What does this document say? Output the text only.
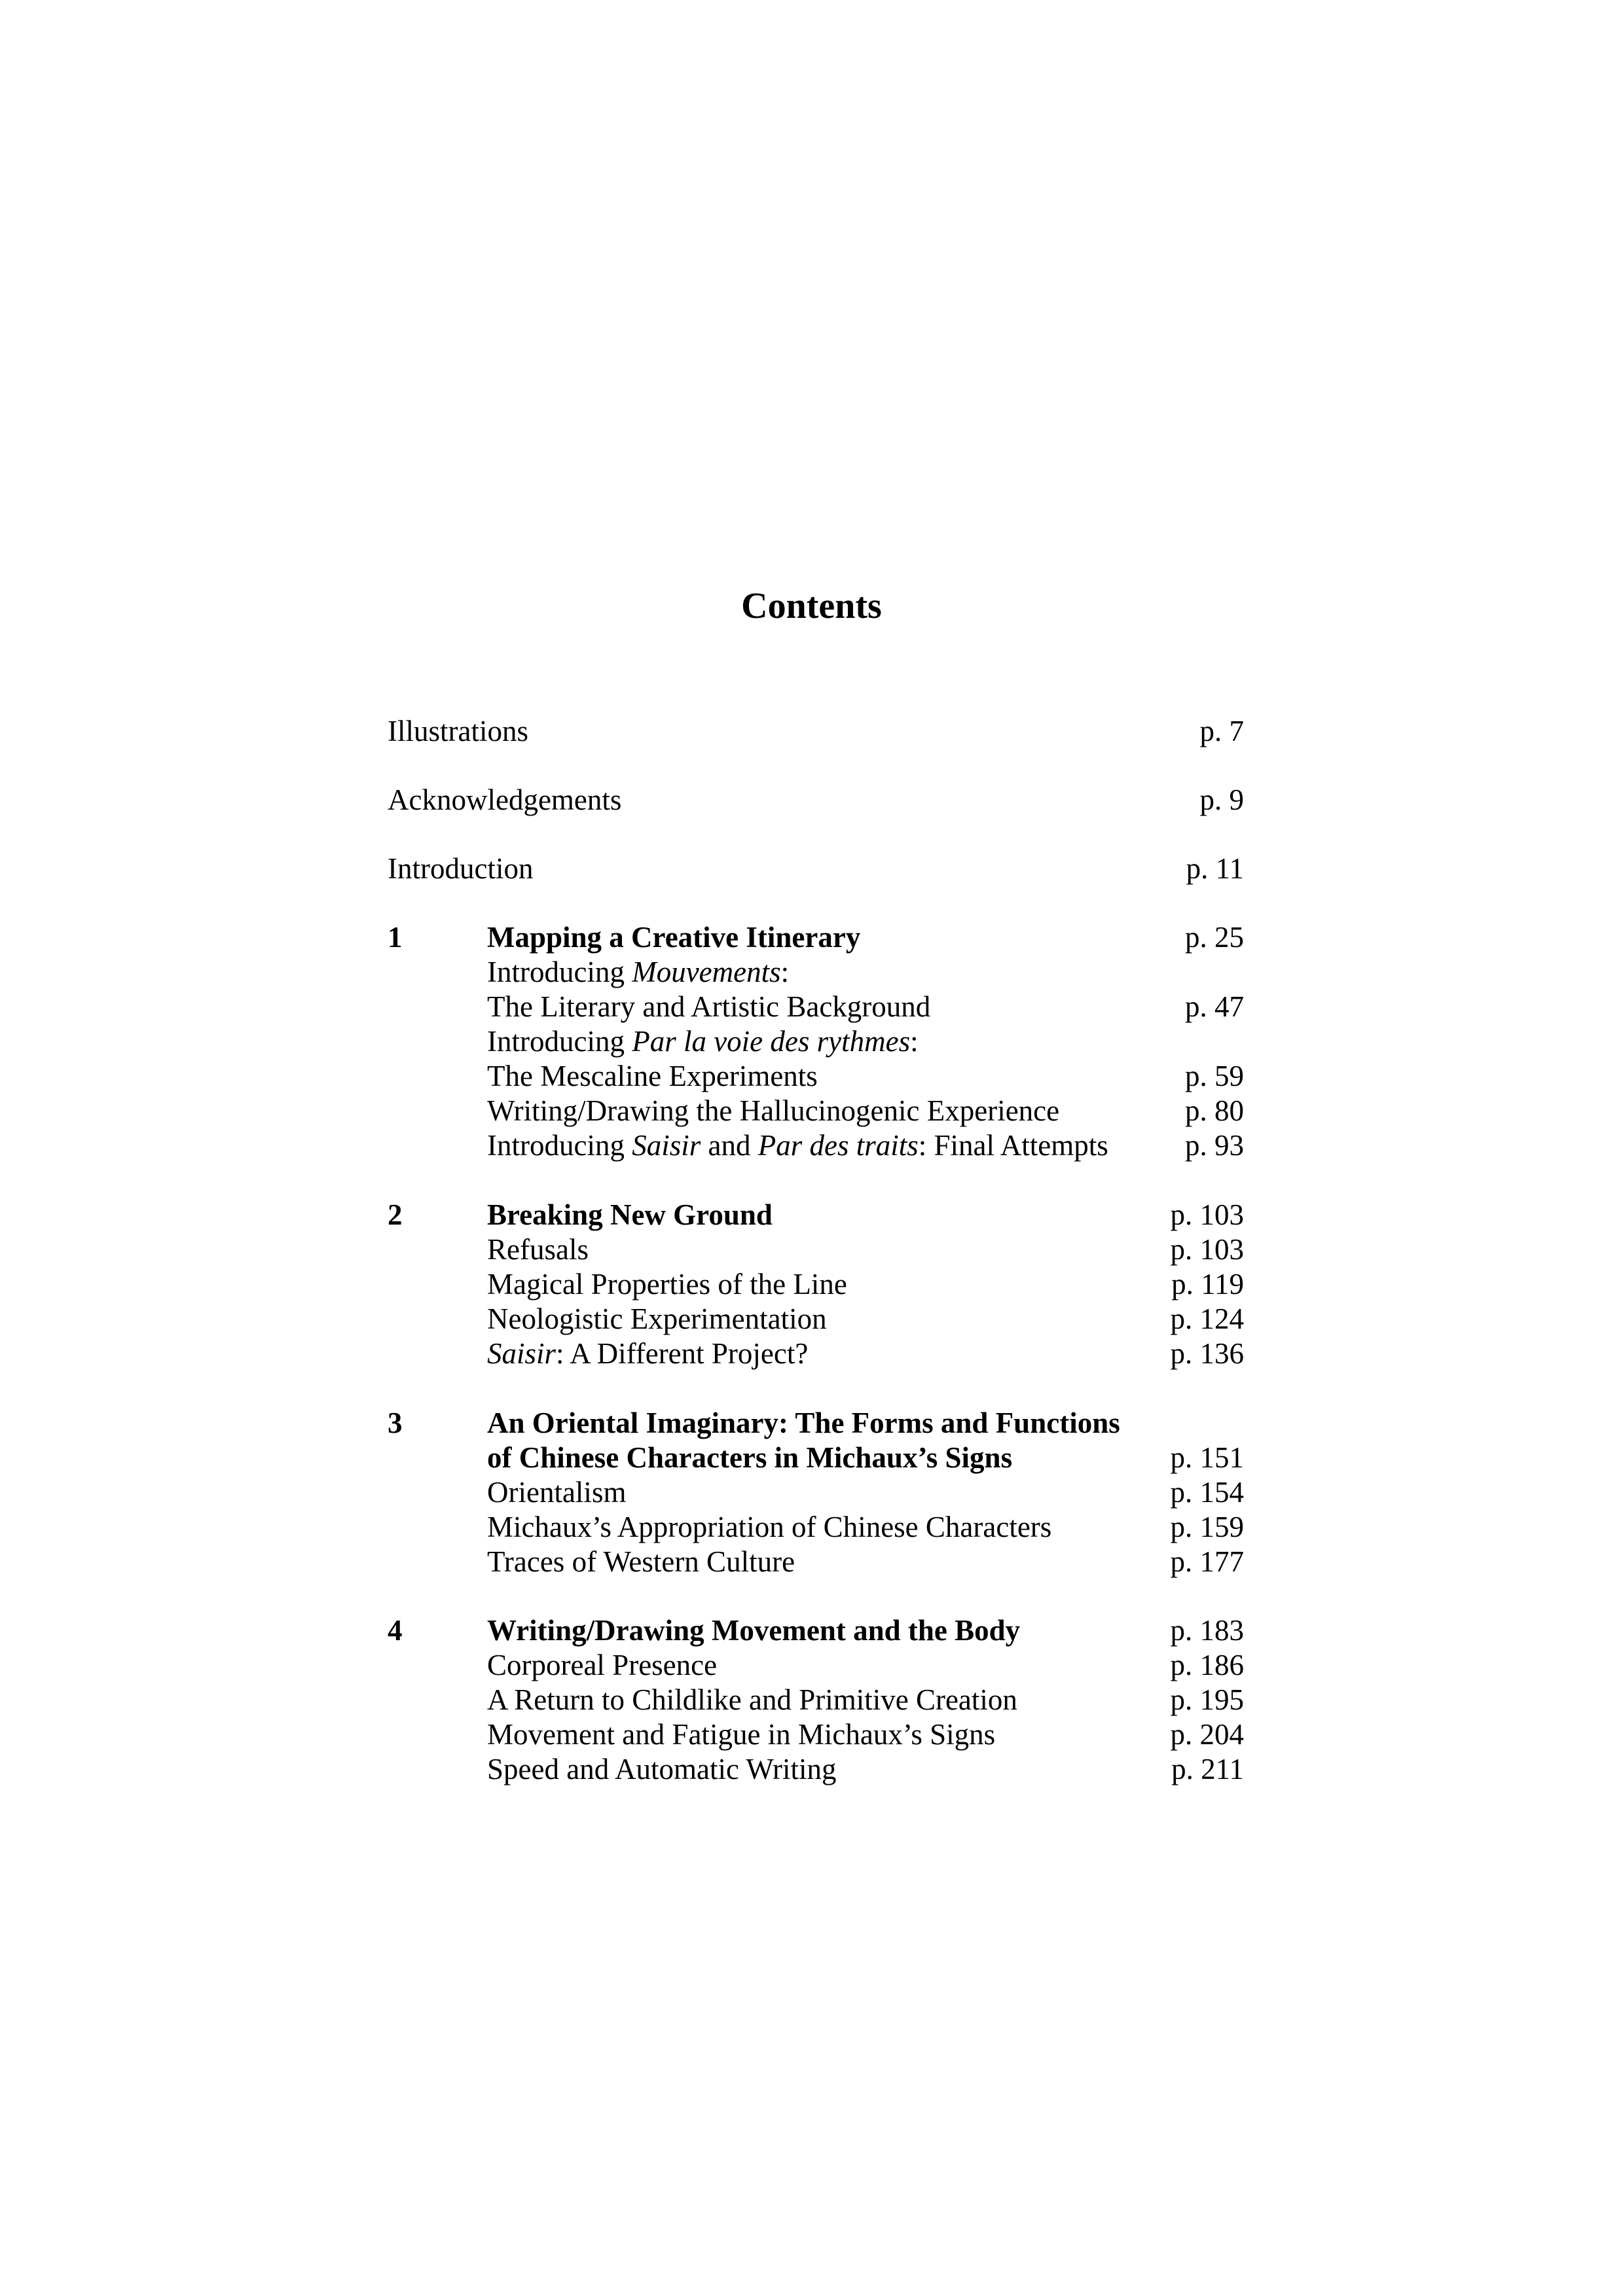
Contents
Illustrations	p. 7
Acknowledgements	p. 9
Introduction	p. 11
1	Mapping a Creative Itinerary	p. 25
Introducing Mouvements:
The Literary and Artistic Background	p. 47
Introducing Par la voie des rythmes:
The Mescaline Experiments	p. 59
Writing/Drawing the Hallucinogenic Experience	p. 80
Introducing Saisir and Par des traits: Final Attempts	p. 93
2	Breaking New Ground	p. 103
Refusals	p. 103
Magical Properties of the Line	p. 119
Neologistic Experimentation	p. 124
Saisir: A Different Project?	p. 136
3	An Oriental Imaginary: The Forms and Functions
of Chinese Characters in Michaux’s Signs	p. 151
Orientalism	p. 154
Michaux’s Appropriation of Chinese Characters	p. 159
Traces of Western Culture	p. 177
4	Writing/Drawing Movement and the Body	p. 183
Corporeal Presence	p. 186
A Return to Childlike and Primitive Creation	p. 195
Movement and Fatigue in Michaux’s Signs	p. 204
Speed and Automatic Writing	p. 211
